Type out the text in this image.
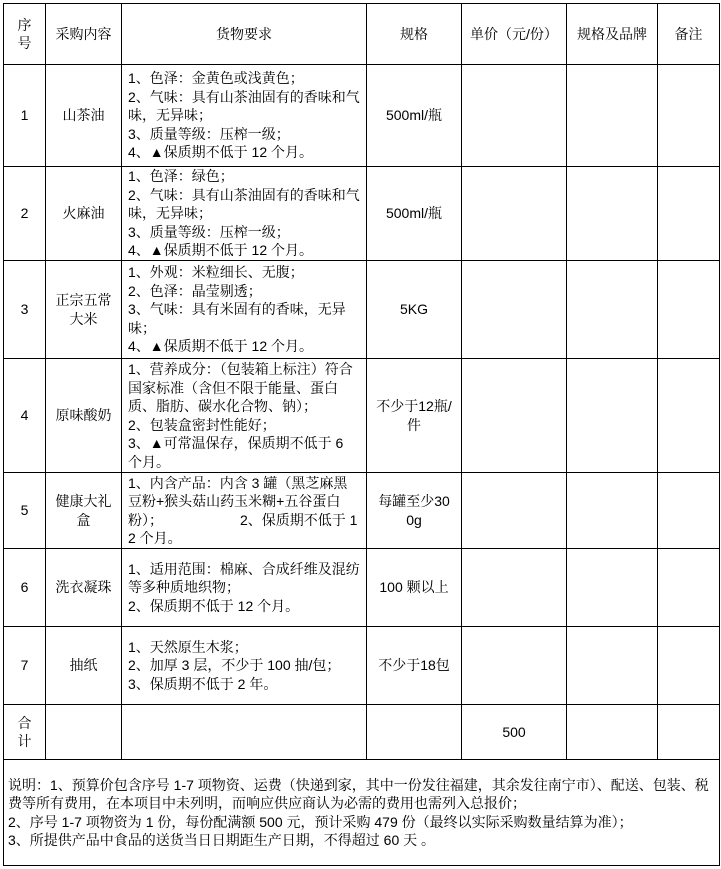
序号	采购内容	货物要求	规格	单价（元/份）	规格及品牌	备注
1	山茶油	1、色泽：金黄色或浅黄色；
2、气味：具有山茶油固有的香味和气味，无异味；
3、质量等级：压榨一级；
4、▲保质期不低于 12 个月。	500ml/瓶			
2	火麻油	1、色泽：绿色；
2、气味：具有山茶油固有的香味和气味，无异味；
3、质量等级：压榨一级；
4、▲保质期不低于 12 个月。	500ml/瓶			
3	正宗五常大米	1、外观：米粒细长、无腹；
2、色泽：晶莹剔透；
3、气味：具有米固有的香味，无异味；
4、▲保质期不低于 12 个月。	5KG			
4	原味酸奶	1、营养成分：（包装箱上标注）符合国家标准（含但不限于能量、蛋白质、脂肪、碳水化合物、钠）；
2、包装盒密封性能好；
3、▲可常温保存，保质期不低于 6 个月。	不少于12瓶/件			
5	健康大礼盒	1、内含产品：内含 3 罐（黑芝麻黑豆粉+猴头菇山药玉米糊+五谷蛋白粉）；　　　　　　2、保质期不低于 12 个月。	每罐至少300g			
6	洗衣凝珠	1、适用范围：棉麻、合成纤维及混纺等多种质地织物；
2、保质期不低于 12 个月。	100 颗以上			
7	抽纸	1、天然原生木浆；
2、加厚 3 层，不少于 100 抽/包；
3、保质期不低于 2 年。	不少于18包			
合计				500		

说明：1、预算价包含序号 1-7 项物资、运费（快递到家，其中一份发往福建，其余发往南宁市）、配送、包装、税费等所有费用，在本项目中未列明，而响应供应商认为必需的费用也需列入总报价；
2、序号 1-7 项物资为 1 份，每份配满额 500 元，预计采购 479 份（最终以实际采购数量结算为准）；
3、所提供产品中食品的送货当日日期距生产日期，不得超过 60 天 。						
